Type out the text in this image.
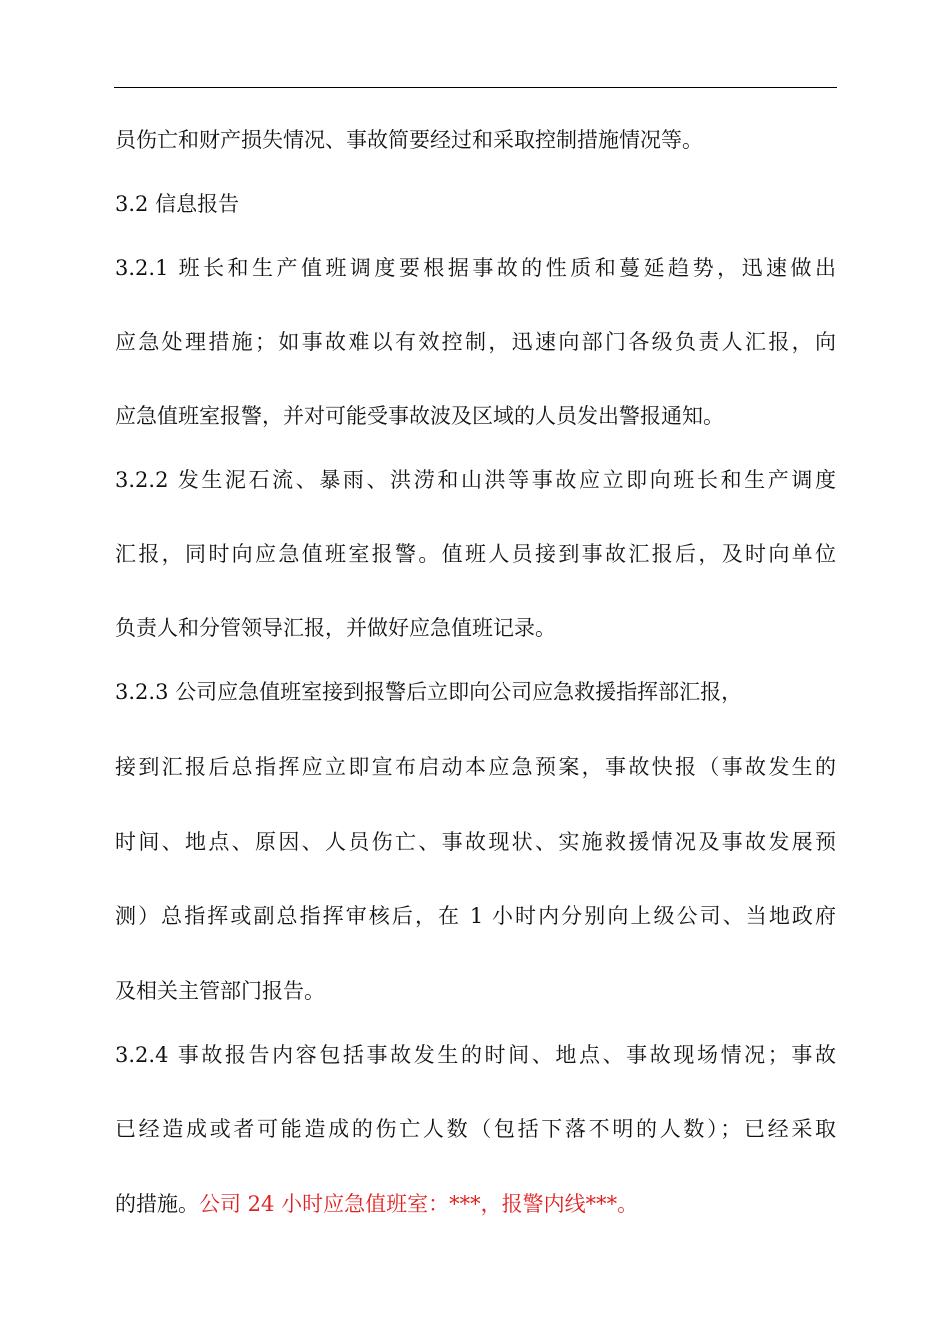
员伤亡和财产损失情况、事故简要经过和采取控制措施情况等。
3.2 信息报告
3.2.1 班长和生产值班调度要根据事故的性质和蔓延趋势，迅速做出
应急处理措施；如事故难以有效控制，迅速向部门各级负责人汇报，向
应急值班室报警，并对可能受事故波及区域的人员发出警报通知。
3.2.2 发生泥石流、暴雨、洪涝和山洪等事故应立即向班长和生产调度
汇报，同时向应急值班室报警。值班人员接到事故汇报后，及时向单位
负责人和分管领导汇报，并做好应急值班记录。
3.2.3 公司应急值班室接到报警后立即向公司应急救援指挥部汇报，
接到汇报后总指挥应立即宣布启动本应急预案，事故快报（事故发生的
时间、地点、原因、人员伤亡、事故现状、实施救援情况及事故发展预
测）总指挥或副总指挥审核后，在 1 小时内分别向上级公司、当地政府
及相关主管部门报告。
3.2.4 事故报告内容包括事故发生的时间、地点、事故现场情况；事故
已经造成或者可能造成的伤亡人数（包括下落不明的人数）；已经采取
的措施。公司 24 小时应急值班室：***，报警内线***。
